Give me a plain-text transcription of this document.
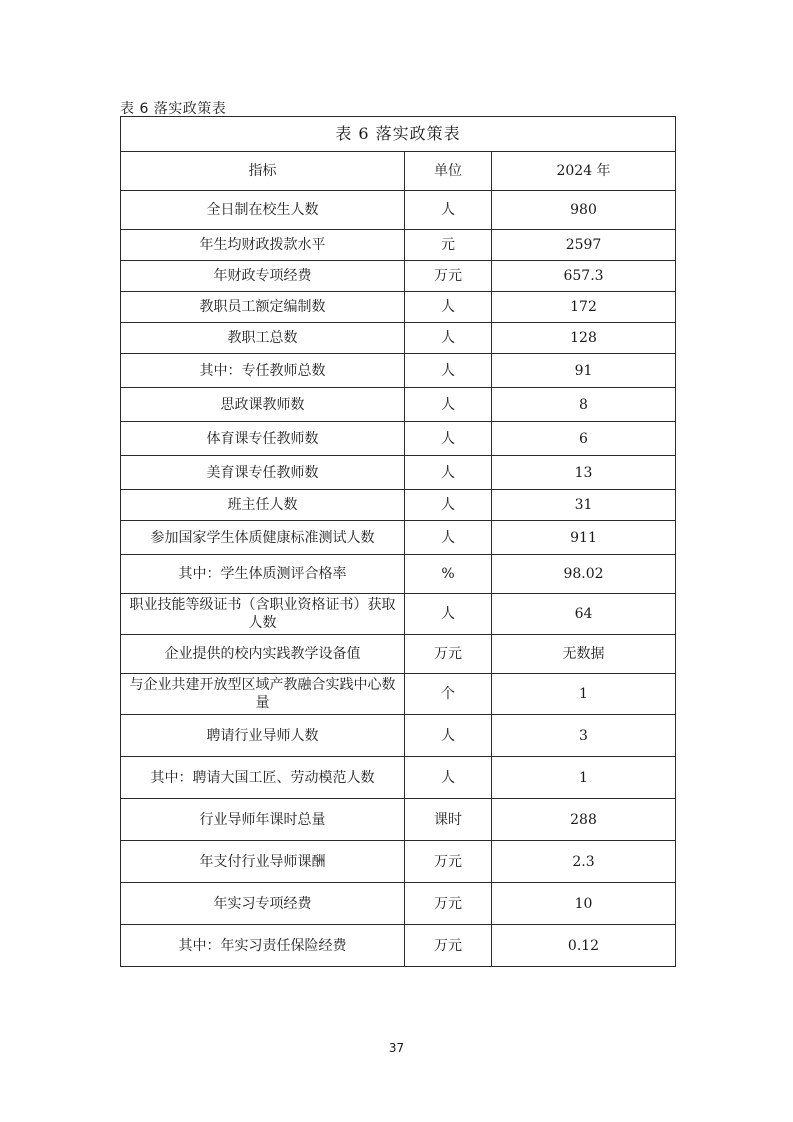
表 6 落实政策表
表 6 落实政策表		
指标	单位	2024 年
全日制在校生人数	人	980
年生均财政拨款水平	元	2597
年财政专项经费	万元	657.3
教职员工额定编制数	人	172
教职工总数	人	128
其中：专任教师总数	人	91
思政课教师数	人	8
体育课专任教师数	人	6
美育课专任教师数	人	13
班主任人数	人	31
参加国家学生体质健康标准测试人数	人	911
其中：学生体质测评合格率	%	98.02
职业技能等级证书（含职业资格证书）获取人数	人	64
企业提供的校内实践教学设备值	万元	无数据
与企业共建开放型区域产教融合实践中心数量	个	1
聘请行业导师人数	人	3
其中：聘请大国工匠、劳动模范人数	人	1
行业导师年课时总量	课时	288
年支付行业导师课酬	万元	2.3
年实习专项经费	万元	10
其中：年实习责任保险经费	万元	0.12
37
